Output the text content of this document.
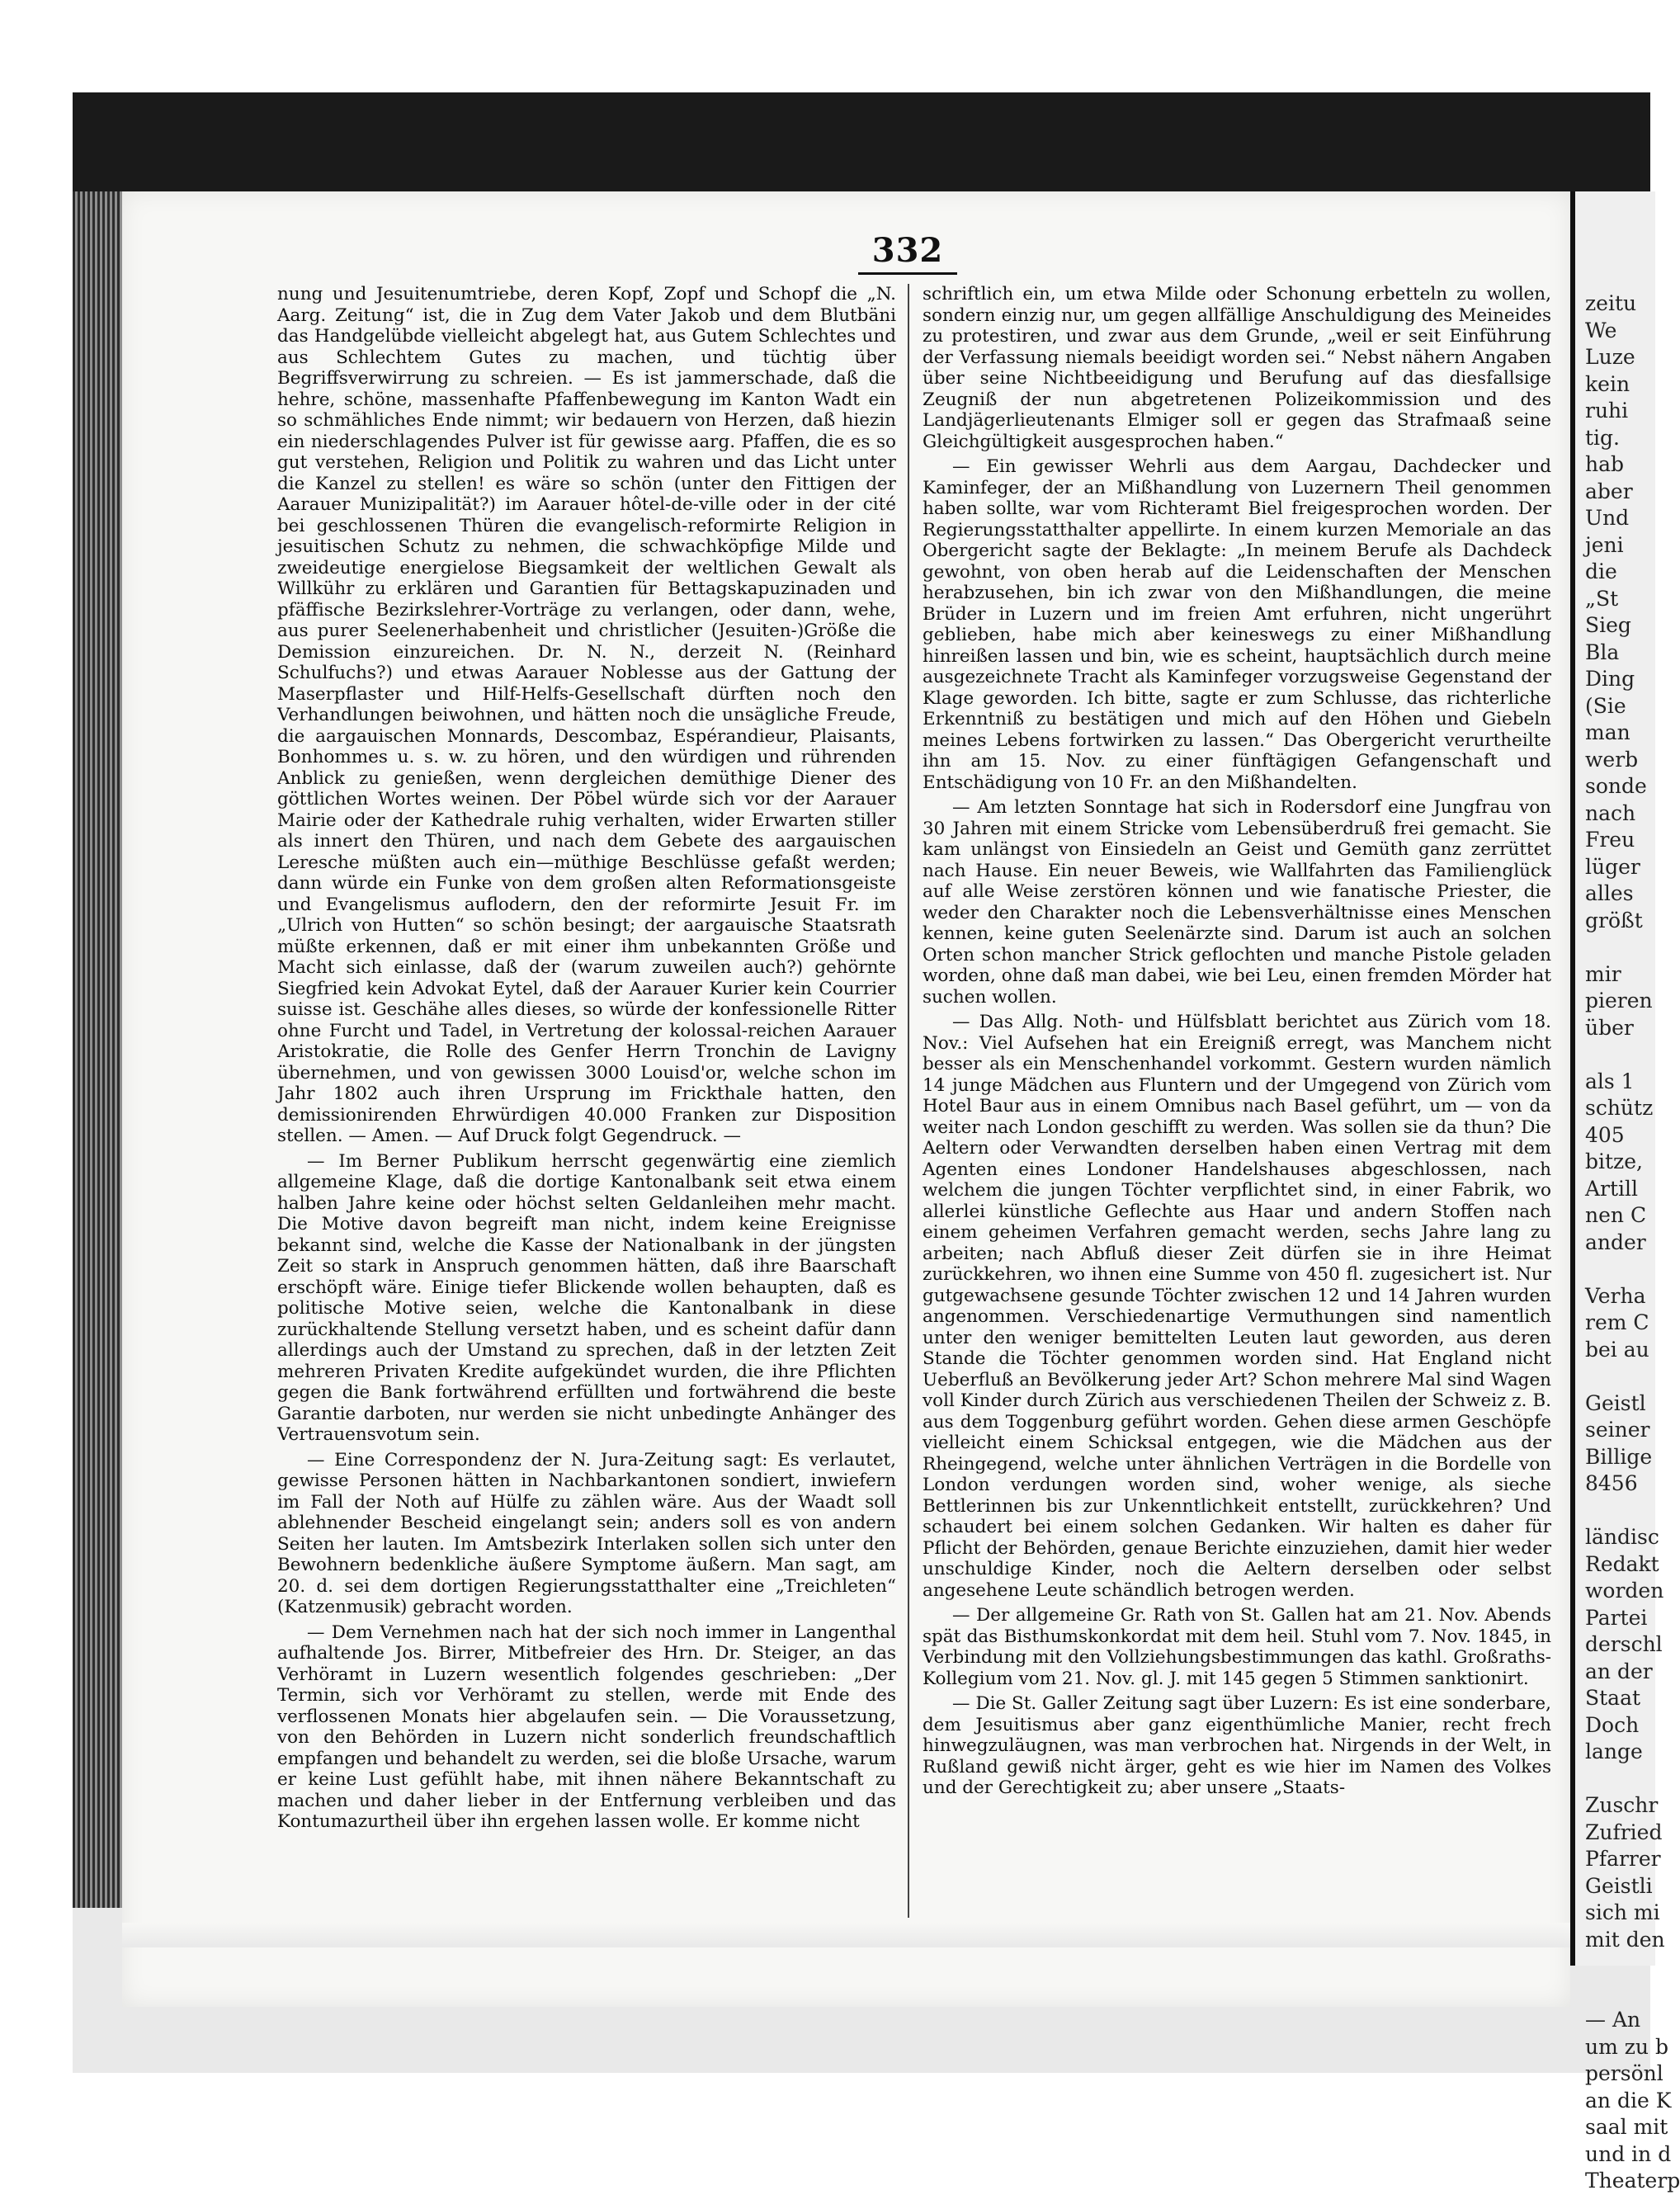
332

nung und Jesuitenumtriebe, deren Kopf, Zopf und Schopf die „N. Aarg. Zeitung“ ist, die in Zug dem Vater Jakob und dem Blutbäni das Handgelübde vielleicht abgelegt hat, aus Gutem Schlechtes und aus Schlechtem Gutes zu machen, und tüchtig über Begriffsverwirrung zu schreien. — Es ist jammerschade, daß die hehre, schöne, massenhafte Pfaffenbewegung im Kanton Wadt ein so schmähliches Ende nimmt; wir bedauern von Herzen, daß hiezin ein niederschlagendes Pulver ist für gewisse aarg. Pfaffen, die es so gut verstehen, Religion und Politik zu wahren und das Licht unter die Kanzel zu stellen! es wäre so schön (unter den Fittigen der Aarauer Munizipalität?) im Aarauer hôtel-de-ville oder in der cité bei geschlossenen Thüren die evangelisch-reformirte Religion in jesuitischen Schutz zu nehmen, die schwachköpfige Milde und zweideutige energielose Biegsamkeit der weltlichen Gewalt als Willkühr zu erklären und Garantien für Bettagskapuzinaden und pfäffische Bezirkslehrer-Vorträge zu verlangen, oder dann, wehe, aus purer Seelenerhabenheit und christlicher (Jesuiten-)Größe die Demission einzureichen. Dr. N. N., derzeit N. (Reinhard Schulfuchs?) und etwas Aarauer Noblesse aus der Gattung der Maserpflaster und Hilf-Helfs-Gesellschaft dürften noch den Verhandlungen beiwohnen, und hätten noch die unsägliche Freude, die aargauischen Monnards, Descombaz, Espérandieur, Plaisants, Bonhommes u. s. w. zu hören, und den würdigen und rührenden Anblick zu genießen, wenn dergleichen demüthige Diener des göttlichen Wortes weinen. Der Pöbel würde sich vor der Aarauer Mairie oder der Kathedrale ruhig verhalten, wider Erwarten stiller als innert den Thüren, und nach dem Gebete des aargauischen Leresche müßten auch ein—müthige Beschlüsse gefaßt werden; dann würde ein Funke von dem großen alten Reformationsgeiste und Evangelismus auflodern, den der reformirte Jesuit Fr. im „Ulrich von Hutten“ so schön besingt; der aargauische Staatsrath müßte erkennen, daß er mit einer ihm unbekannten Größe und Macht sich einlasse, daß der (warum zuweilen auch?) gehörnte Siegfried kein Advokat Eytel, daß der Aarauer Kurier kein Courrier suisse ist. Geschähe alles dieses, so würde der konfessionelle Ritter ohne Furcht und Tadel, in Vertretung der kolossal-reichen Aarauer Aristokratie, die Rolle des Genfer Herrn Tronchin de Lavigny übernehmen, und von gewissen 3000 Louisd'or, welche schon im Jahr 1802 auch ihren Ursprung im Frickthale hatten, den demissionirenden Ehrwürdigen 40.000 Franken zur Disposition stellen. — Amen. — Auf Druck folgt Gegendruck. —

— Im Berner Publikum herrscht gegenwärtig eine ziemlich allgemeine Klage, daß die dortige Kantonalbank seit etwa einem halben Jahre keine oder höchst selten Geldanleihen mehr macht. Die Motive davon begreift man nicht, indem keine Ereignisse bekannt sind, welche die Kasse der Nationalbank in der jüngsten Zeit so stark in Anspruch genommen hätten, daß ihre Baarschaft erschöpft wäre. Einige tiefer Blickende wollen behaupten, daß es politische Motive seien, welche die Kantonalbank in diese zurückhaltende Stellung versetzt haben, und es scheint dafür dann allerdings auch der Umstand zu sprechen, daß in der letzten Zeit mehreren Privaten Kredite aufgekündet wurden, die ihre Pflichten gegen die Bank fortwährend erfüllten und fortwährend die beste Garantie darboten, nur werden sie nicht unbedingte Anhänger des Vertrauensvotum sein.

— Eine Correspondenz der N. Jura-Zeitung sagt: Es verlautet, gewisse Personen hätten in Nachbarkantonen sondiert, inwiefern im Fall der Noth auf Hülfe zu zählen wäre. Aus der Waadt soll ablehnender Bescheid eingelangt sein; anders soll es von andern Seiten her lauten. Im Amtsbezirk Interlaken sollen sich unter den Bewohnern bedenkliche äußere Symptome äußern. Man sagt, am 20. d. sei dem dortigen Regierungsstatthalter eine „Treichleten“ (Katzenmusik) gebracht worden.

— Dem Vernehmen nach hat der sich noch immer in Langenthal aufhaltende Jos. Birrer, Mitbefreier des Hrn. Dr. Steiger, an das Verhöramt in Luzern wesentlich folgendes geschrieben: „Der Termin, sich vor Verhöramt zu stellen, werde mit Ende des verflossenen Monats hier abgelaufen sein. — Die Voraussetzung, von den Behörden in Luzern nicht sonderlich freundschaftlich empfangen und behandelt zu werden, sei die bloße Ursache, warum er keine Lust gefühlt habe, mit ihnen nähere Bekanntschaft zu machen und daher lieber in der Entfernung verbleiben und das Kontumazurtheil über ihn ergehen lassen wolle. Er komme nicht

schriftlich ein, um etwa Milde oder Schonung erbetteln zu wollen, sondern einzig nur, um gegen allfällige Anschuldigung des Meineides zu protestiren, und zwar aus dem Grunde, „weil er seit Einführung der Verfassung niemals beeidigt worden sei.“ Nebst nähern Angaben über seine Nichtbeeidigung und Berufung auf das diesfallsige Zeugniß der nun abgetretenen Polizeikommission und des Landjägerlieutenants Elmiger soll er gegen das Strafmaaß seine Gleichgültigkeit ausgesprochen haben.“

— Ein gewisser Wehrli aus dem Aargau, Dachdecker und Kaminfeger, der an Mißhandlung von Luzernern Theil genommen haben sollte, war vom Richteramt Biel freigesprochen worden. Der Regierungsstatthalter appellirte. In einem kurzen Memoriale an das Obergericht sagte der Beklagte: „In meinem Berufe als Dachdeck gewohnt, von oben herab auf die Leidenschaften der Menschen herabzusehen, bin ich zwar von den Mißhandlungen, die meine Brüder in Luzern und im freien Amt erfuhren, nicht ungerührt geblieben, habe mich aber keineswegs zu einer Mißhandlung hinreißen lassen und bin, wie es scheint, hauptsächlich durch meine ausgezeichnete Tracht als Kaminfeger vorzugsweise Gegenstand der Klage geworden. Ich bitte, sagte er zum Schlusse, das richterliche Erkenntniß zu bestätigen und mich auf den Höhen und Giebeln meines Lebens fortwirken zu lassen.“ Das Obergericht verurtheilte ihn am 15. Nov. zu einer fünftägigen Gefangenschaft und Entschädigung von 10 Fr. an den Mißhandelten.

— Am letzten Sonntage hat sich in Rodersdorf eine Jungfrau von 30 Jahren mit einem Stricke vom Lebensüberdruß frei gemacht. Sie kam unlängst von Einsiedeln an Geist und Gemüth ganz zerrüttet nach Hause. Ein neuer Beweis, wie Wallfahrten das Familienglück auf alle Weise zerstören können und wie fanatische Priester, die weder den Charakter noch die Lebensverhältnisse eines Menschen kennen, keine guten Seelenärzte sind. Darum ist auch an solchen Orten schon mancher Strick geflochten und manche Pistole geladen worden, ohne daß man dabei, wie bei Leu, einen fremden Mörder hat suchen wollen.

— Das Allg. Noth- und Hülfsblatt berichtet aus Zürich vom 18. Nov.: Viel Aufsehen hat ein Ereigniß erregt, was Manchem nicht besser als ein Menschenhandel vorkommt. Gestern wurden nämlich 14 junge Mädchen aus Fluntern und der Umgegend von Zürich vom Hotel Baur aus in einem Omnibus nach Basel geführt, um — von da weiter nach London geschifft zu werden. Was sollen sie da thun? Die Aeltern oder Verwandten derselben haben einen Vertrag mit dem Agenten eines Londoner Handelshauses abgeschlossen, nach welchem die jungen Töchter verpflichtet sind, in einer Fabrik, wo allerlei künstliche Geflechte aus Haar und andern Stoffen nach einem geheimen Verfahren gemacht werden, sechs Jahre lang zu arbeiten; nach Abfluß dieser Zeit dürfen sie in ihre Heimat zurückkehren, wo ihnen eine Summe von 450 fl. zugesichert ist. Nur gutgewachsene gesunde Töchter zwischen 12 und 14 Jahren wurden angenommen. Verschiedenartige Vermuthungen sind namentlich unter den weniger bemittelten Leuten laut geworden, aus deren Stande die Töchter genommen worden sind. Hat England nicht Ueberfluß an Bevölkerung jeder Art? Schon mehrere Mal sind Wagen voll Kinder durch Zürich aus verschiedenen Theilen der Schweiz z. B. aus dem Toggenburg geführt worden. Gehen diese armen Geschöpfe vielleicht einem Schicksal entgegen, wie die Mädchen aus der Rheingegend, welche unter ähnlichen Verträgen in die Bordelle von London verdungen worden sind, woher wenige, als sieche Bettlerinnen bis zur Unkenntlichkeit entstellt, zurückkehren? Und schaudert bei einem solchen Gedanken. Wir halten es daher für Pflicht der Behörden, genaue Berichte einzuziehen, damit hier weder unschuldige Kinder, noch die Aeltern derselben oder selbst angesehene Leute schändlich betrogen werden.

— Der allgemeine Gr. Rath von St. Gallen hat am 21. Nov. Abends spät das Bisthumskonkordat mit dem heil. Stuhl vom 7. Nov. 1845, in Verbindung mit den Vollziehungsbestimmungen das kathl. Großraths-Kollegium vom 21. Nov. gl. J. mit 145 gegen 5 Stimmen sanktionirt.

— Die St. Galler Zeitung sagt über Luzern: Es ist eine sonderbare, dem Jesuitismus aber ganz eigenthümliche Manier, recht frech hinwegzuläugnen, was man verbrochen hat. Nirgends in der Welt, in Rußland gewiß nicht ärger, geht es wie hier im Namen des Volkes und der Gerechtigkeit zu; aber unsere „Staats-

zeitu
We
Luze
kein
ruhi
tig.
hab
aber
Und
jeni
die
„St
Sieg
Bla
Ding
(Sie
man
werb
sonde
nach
Freu
lüger
alles
größt

mir
pieren
über

als 1
schütz
405
bitze,
Artill
nen C
ander

Verha
rem C
bei au

Geistl
seiner
Billige
8456

ländisc
Redakt
worden
Partei
derschl
an der
Staat
Doch
lange

Zuschr
Zufried
Pfarrer
Geistli
sich mi
mit den

— An
um zu b
persönl
an die K
saal mit
und in d
Theaterp
